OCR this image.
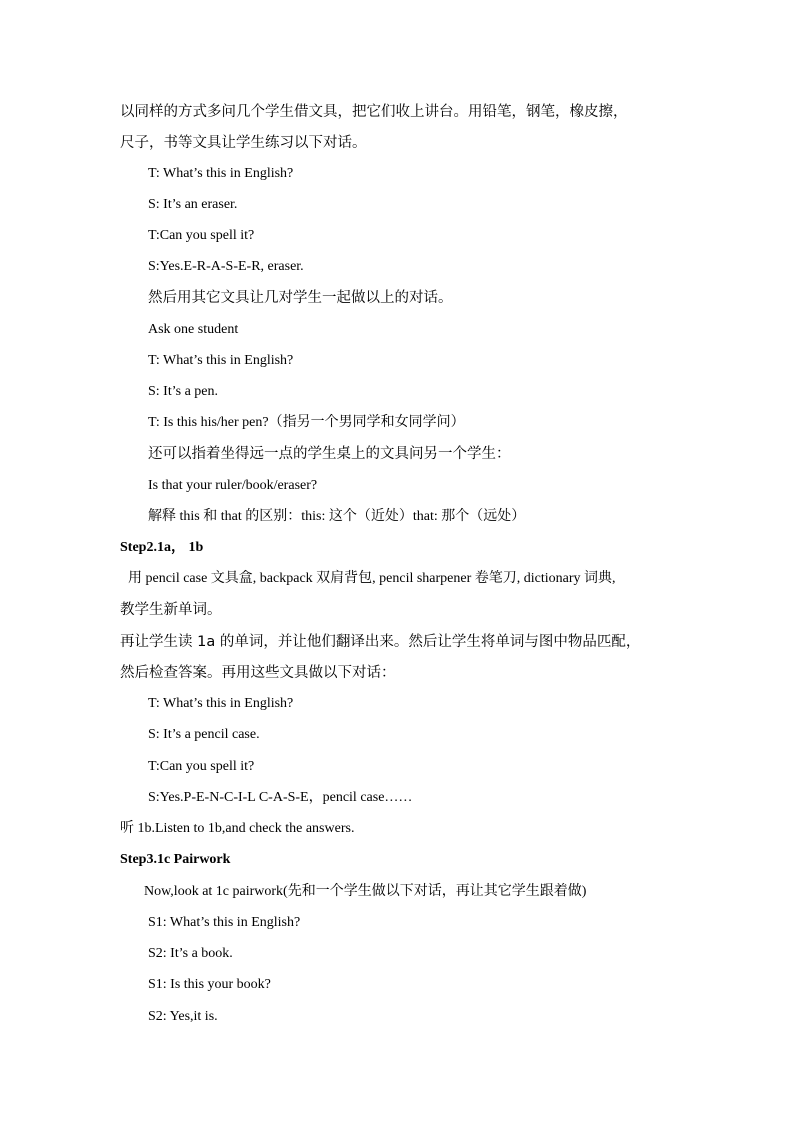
以同样的方式多问几个学生借文具，把它们收上讲台。用铅笔，钢笔，橡皮擦，
尺子，书等文具让学生练习以下对话。
T: What’s this in English?
S: It’s an eraser.
T:Can you spell it?
S:Yes.E-R-A-S-E-R, eraser.
然后用其它文具让几对学生一起做以上的对话。
Ask one student
T: What’s this in English?
S: It’s a pen.
T: Is this his/her pen?（指另一个男同学和女同学问）
还可以指着坐得远一点的学生桌上的文具问另一个学生：
Is that your ruler/book/eraser?
解释 this 和 that 的区别：this: 这个（近处）that: 那个（远处）
Step2.1a， 1b
用 pencil case 文具盒, backpack 双肩背包, pencil sharpener 卷笔刀, dictionary 词典,
教学生新单词。
再让学生读 1a 的单词，并让他们翻译出来。然后让学生将单词与图中物品匹配，
然后检查答案。再用这些文具做以下对话：
T: What’s this in English?
S: It’s a pencil case.
T:Can you spell it?
S:Yes.P-E-N-C-I-L C-A-S-E，pencil case……
听 1b.Listen to 1b,and check the answers.
Step3.1c Pairwork
Now,look at 1c pairwork(先和一个学生做以下对话，再让其它学生跟着做)
S1: What’s this in English?
S2: It’s a book.
S1: Is this your book?
S2: Yes,it is.
